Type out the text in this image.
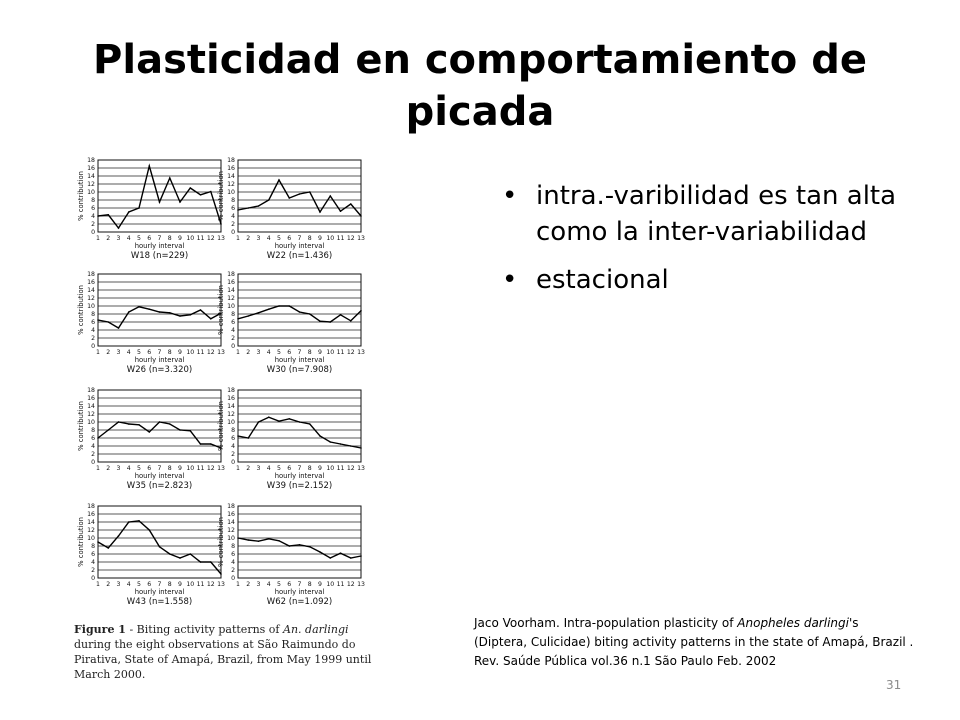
Plasticidad en comportamiento de
picada
0
2
4
6
8
10
12
14
16
18
1 2 3 4 5 6 7 8 9 10 11 12 13
hourly interval
% contribution
W18 (n=229)
0
2
4
6
8
10
12
14
16
18
1 2 3 4 5 6 7 8 9 10 11 12 13
hourly interval
% contribution
W22 (n=1.436)
0
2
4
6
8
10
12
14
16
18
1 2 3 4 5 6 7 8 9 10 11 12 13
hourly interval
% contribution
W26 (n=3.320)
0
2
4
6
8
10
12
14
16
18
1 2 3 4 5 6 7 8 9 10 11 12 13
hourly interval
% contribution
W30 (n=7.908)
0
2
4
6
8
10
12
14
16
18
1 2 3 4 5 6 7 8 9 10 11 12 13
hourly interval
% contribution
W35 (n=2.823)
0
2
4
6
8
10
12
14
16
18
1 2 3 4 5 6 7 8 9 10 11 12 13
hourly interval
% contribution
W39 (n=2.152)
0
2
4
6
8
10
12
14
16
18
1 2 3 4 5 6 7 8 9 10 11 12 13
hourly interval
% contribution
W43 (n=1.558)
0
2
4
6
8
10
12
14
16
18
1 2 3 4 5 6 7 8 9 10 11 12 13
hourly interval
% contribution
W62 (n=1.092)
Figure 1 - Biting activity patterns of An. darlingi during the eight observations at São Raimundo do Pirativa, State of Amapá, Brazil, from May 1999 until March 2000.
• intra.-varibilidad es tan alta como la inter-variabilidad
• estacional
Jaco Voorham. Intra-population plasticity of Anopheles darlingi's (Diptera, Culicidae) biting activity patterns in the state of Amapá, Brazil . Rev. Saúde Pública vol.36 n.1 São Paulo Feb. 2002
31
